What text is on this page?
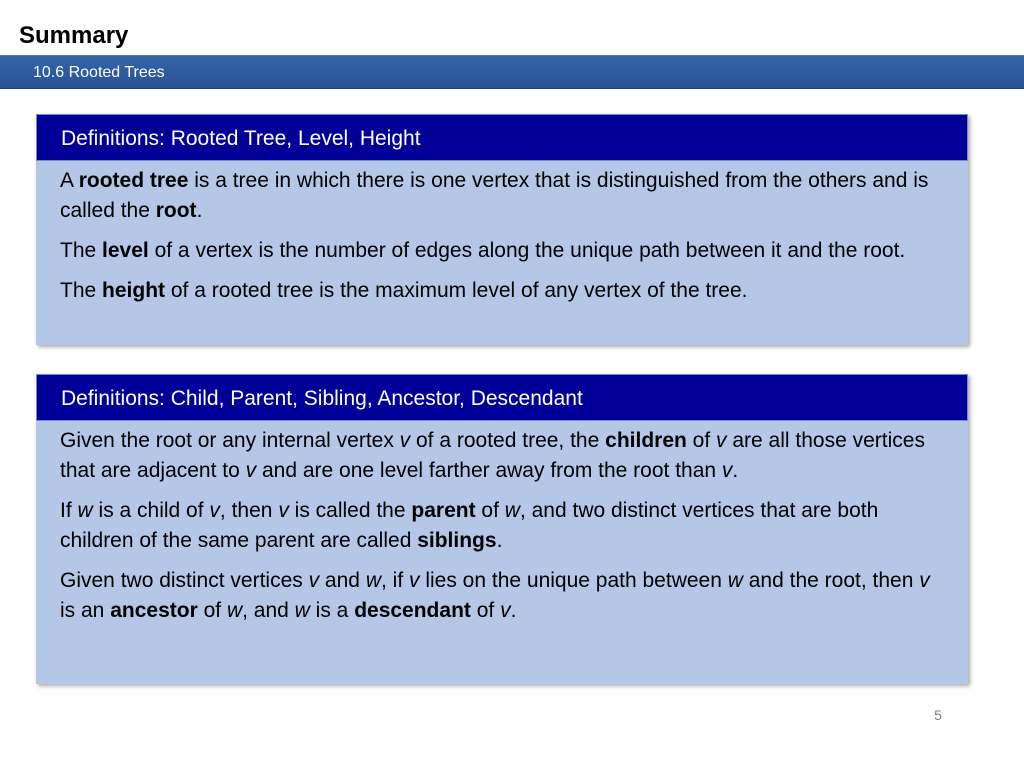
Summary
10.6 Rooted Trees
Definitions: Rooted Tree, Level, Height

A rooted tree is a tree in which there is one vertex that is distinguished from the others and is called the root.

The level of a vertex is the number of edges along the unique path between it and the root.

The height of a rooted tree is the maximum level of any vertex of the tree.

Definitions: Child, Parent, Sibling, Ancestor, Descendant

Given the root or any internal vertex v of a rooted tree, the children of v are all those vertices that are adjacent to v and are one level farther away from the root than v.

If w is a child of v, then v is called the parent of w, and two distinct vertices that are both children of the same parent are called siblings.

Given two distinct vertices v and w, if v lies on the unique path between w and the root, then v is an ancestor of w, and w is a descendant of v.

5
